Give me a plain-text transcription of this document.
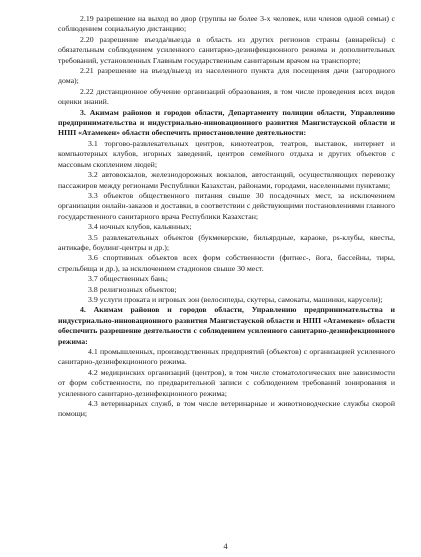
2.19 разрешение на выход во двор (группы не более 3-х человек, или членов одной семьи) с соблюдением социальную дистанцию;

2.20 разрешение въезда/выезда в область из других регионов страны (авиарейсы) с обязательным соблюдением усиленного санитарно-дезинфекционного режима и дополнительных требований, установленных Главным государственным санитарным врачом на транспорте;

2.21 разрешение на въезд/выезд из населенного пункта для посещения дачи (загородного дома);

2.22 дистанционное обучение организаций образования, в том числе проведения всех видов оценки знаний.

3. Акимам районов и городов области, Департаменту полиции области, Управлению предпринимательства и индустриально-инновационного развития Мангистауской области и НПП «Атамекен» области обеспечить приостановление деятельности:

3.1 торгово-развлекательных центров, кинотеатров, театров, выставок, интернет и компьютерных клубов, игорных заведений, центров семейного отдыха и других объектов с массовым скоплением людей;

3.2 автовокзалов, железнодорожных вокзалов, автостанций, осуществляющих перевозку пассажиров между регионами Республики Казахстан, районами, городами, населенными пунктами;

3.3 объектов общественного питания свыше 30 посадочных мест, за исключением организации онлайн-заказов и доставки, в соответствии с действующими постановлениями главного государственного санитарного врача Республики Казахстан;

3.4 ночных клубов, кальянных;

3.5 развлекательных объектов (букмекерские, бильярдные, караоке, ps-клубы, квесты, антикафе, боулинг-центры и др.);

3.6 спортивных объектов всех форм собственности (фитнес-, йога, бассейны, тиры, стрельбища и др.), за исключением стадионов свыше 30 мест.

3.7 общественных бань;

3.8 религиозных объектов;

3.9 услуги проката и игровых зон (велосипеды, скутеры, самокаты, машинки, карусели);

4. Акимам районов и городов области, Управлению предпринимательства и индустриально-инновационного развития Мангистауской области и НПП «Атамекен» области обеспечить разрешение деятельности с соблюдением усиленного санитарно-дезинфекционного режима:

4.1 промышленных, производственных предприятий (объектов) с организацией усиленного санитарно-дезинфекционного режима.

4.2 медицинских организаций (центров), в том числе стоматологических вне зависимости от форм собственности, по предварительной записи с соблюдением требований зонирования и усиленного санитарно-дезинфекционного режима;

4.3 ветеринарных служб, в том числе ветеринарные и животноводческие службы скорой помощи;

4
